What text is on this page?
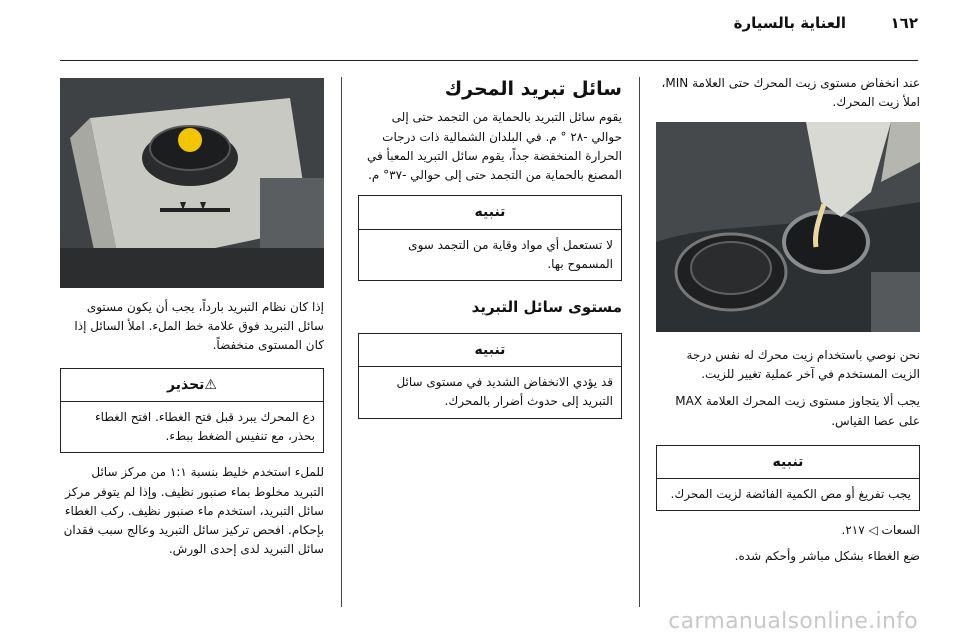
١٦٢
العناية بالسيارة

عند انخفاض مستوى زيت المحرك حتى العلامة MIN، املأ زيت المحرك.

نحن نوصي باستخدام زيت محرك له نفس درجة الزيت المستخدم في آخر عملية تغيير للزيت.

يجب ألا يتجاوز مستوى زيت المحرك العلامة MAX على عصا القياس.

تنبيه
يجب تفريغ أو مص الكمية الفائضة لزيت المحرك.

السعات ◁ ٢١٧.

ضع الغطاء بشكل مباشر وأحكم شده.

سائل تبريد المحرك

يقوم سائل التبريد بالحماية من التجمد حتى إلى حوالي -٢٨ ° م. في البلدان الشمالية ذات درجات الحرارة المنخفضة جداً، يقوم سائل التبريد المعبأ في المصنع بالحماية من التجمد حتى إلى حوالي -٣٧° م.

تنبيه
لا تستعمل أي مواد وقاية من التجمد سوى المسموح بها.
مستوى سائل التبريد
تنبيه
قد يؤدي الانخفاض الشديد في مستوى سائل التبريد إلى حدوث أضرار بالمحرك.

إذا كان نظام التبريد بارداً، يجب أن يكون مستوى سائل التبريد فوق علامة خط الملء. املأ السائل إذا كان المستوى منخفضاً.

⚠تحذير
دع المحرك يبرد قبل فتح الغطاء. افتح الغطاء بحذر، مع تنفيس الضغط ببطء.

للملء استخدم خليط بنسبة ١:١ من مركز سائل التبريد مخلوط بماء صنبور نظيف. وإذا لم يتوفر مركز سائل التبريد، استخدم ماء صنبور نظيف. ركب الغطاء بإحكام. افحص تركيز سائل التبريد وعالج سبب فقدان سائل التبريد لدى إحدى الورش.

carmanualsonline.info
